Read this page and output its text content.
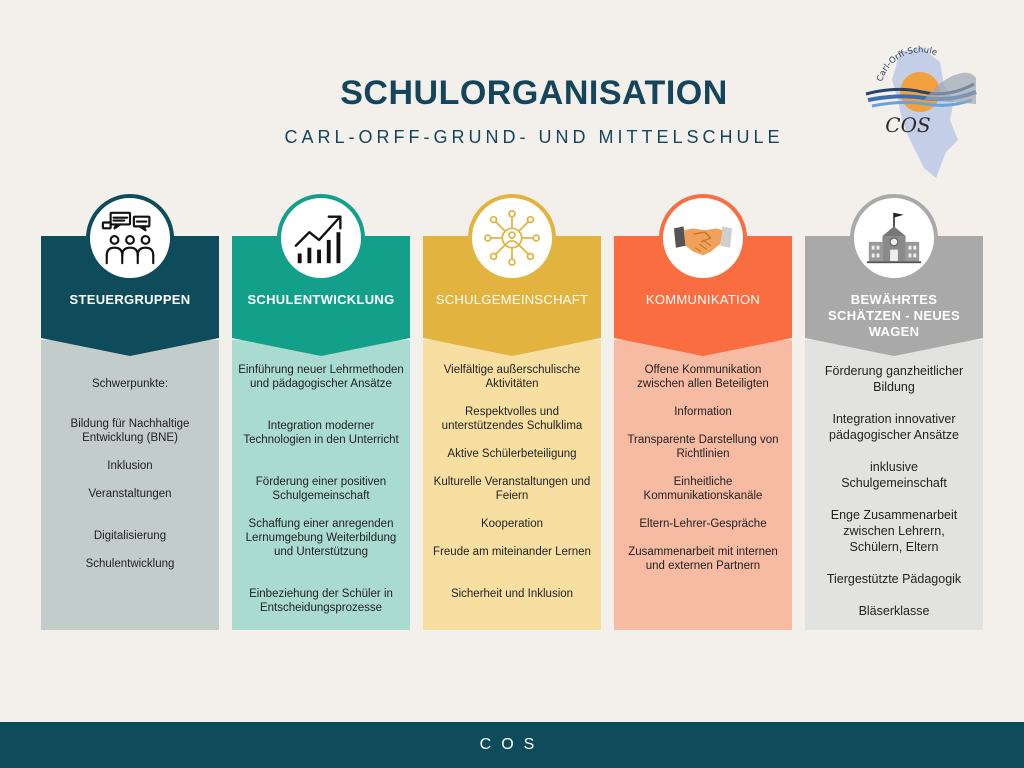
SCHULORGANISATION
CARL-ORFF-GRUND- UND MITTELSCHULE	COS
Carl-Orff-Schule
STEUERGRUPPEN
Schwerpunkte:
Bildung für Nachhaltige Entwicklung (BNE)
Inklusion
Veranstaltungen
Digitalisierung
Schulentwicklung
SCHULENTWICKLUNG
Einführung neuer Lehrmethoden und pädagogischer Ansätze
Integration moderner Technologien in den Unterricht
Förderung einer positiven Schulgemeinschaft
Schaffung einer anregenden Lernumgebung Weiterbildung und Unterstützung
Einbeziehung der Schüler in Entscheidungsprozesse
SCHULGEMEINSCHAFT
Vielfältige außerschulische Aktivitäten
Respektvolles und unterstützendes Schulklima
Aktive Schülerbeteiligung
Kulturelle Veranstaltungen und Feiern
Kooperation
Freude am miteinander Lernen
Sicherheit und Inklusion
KOMMUNIKATION
Offene Kommunikation zwischen allen Beteiligten
Information
Transparente Darstellung von Richtlinien
Einheitliche Kommunikationskanäle
Eltern-Lehrer-Gespräche
Zusammenarbeit mit internen und externen Partnern
BEWÄHRTES SCHÄTZEN - NEUES WAGEN
Förderung ganzheitlicher Bildung
Integration innovativer pädagogischer Ansätze
inklusive Schulgemeinschaft
Enge Zusammenarbeit zwischen Lehrern, Schülern, Eltern
Tiergestützte Pädagogik
Bläserklasse
COS
